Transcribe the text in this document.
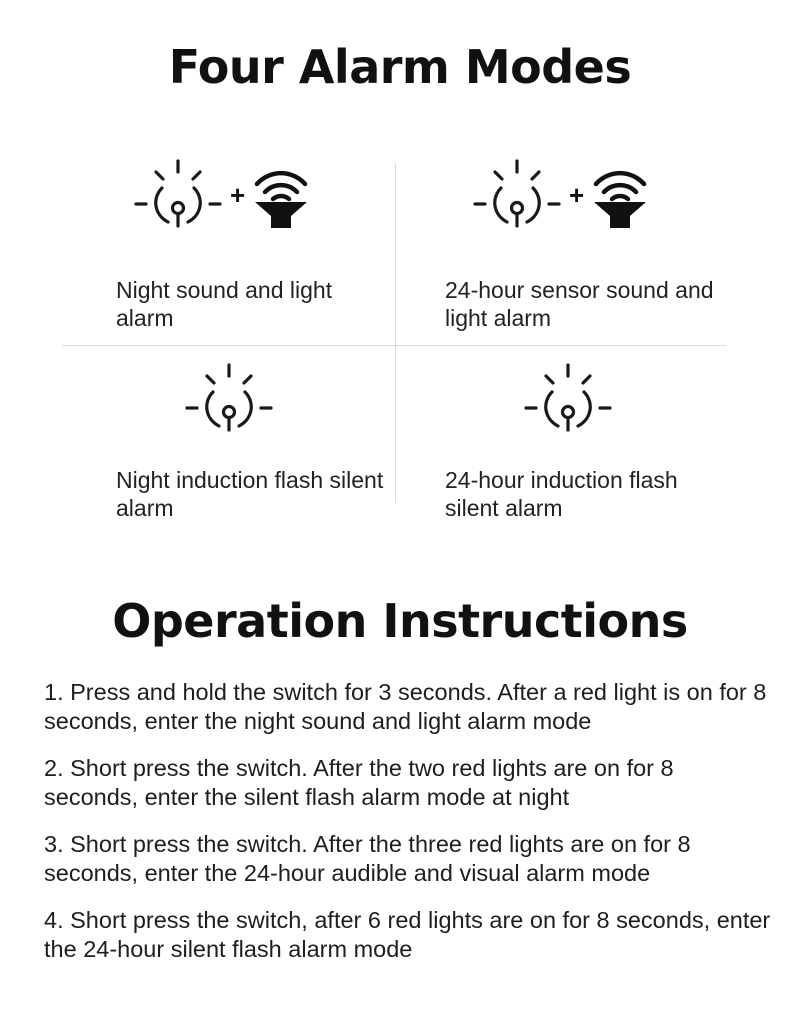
Four Alarm Modes
+
Night sound and light alarm
+
24-hour sensor sound and light alarm
Night induction flash silent alarm
24-hour induction flash silent alarm
Operation Instructions

1. Press and hold the switch for 3 seconds. After a red light is on for 8 seconds, enter the night sound and light alarm mode

2. Short press the switch. After the two red lights are on for 8 seconds, enter the silent flash alarm mode at night

3. Short press the switch. After the three red lights are on for 8 seconds, enter the 24-hour audible and visual alarm mode

4. Short press the switch, after 6 red lights are on for 8 seconds, enter the 24-hour silent flash alarm mode
